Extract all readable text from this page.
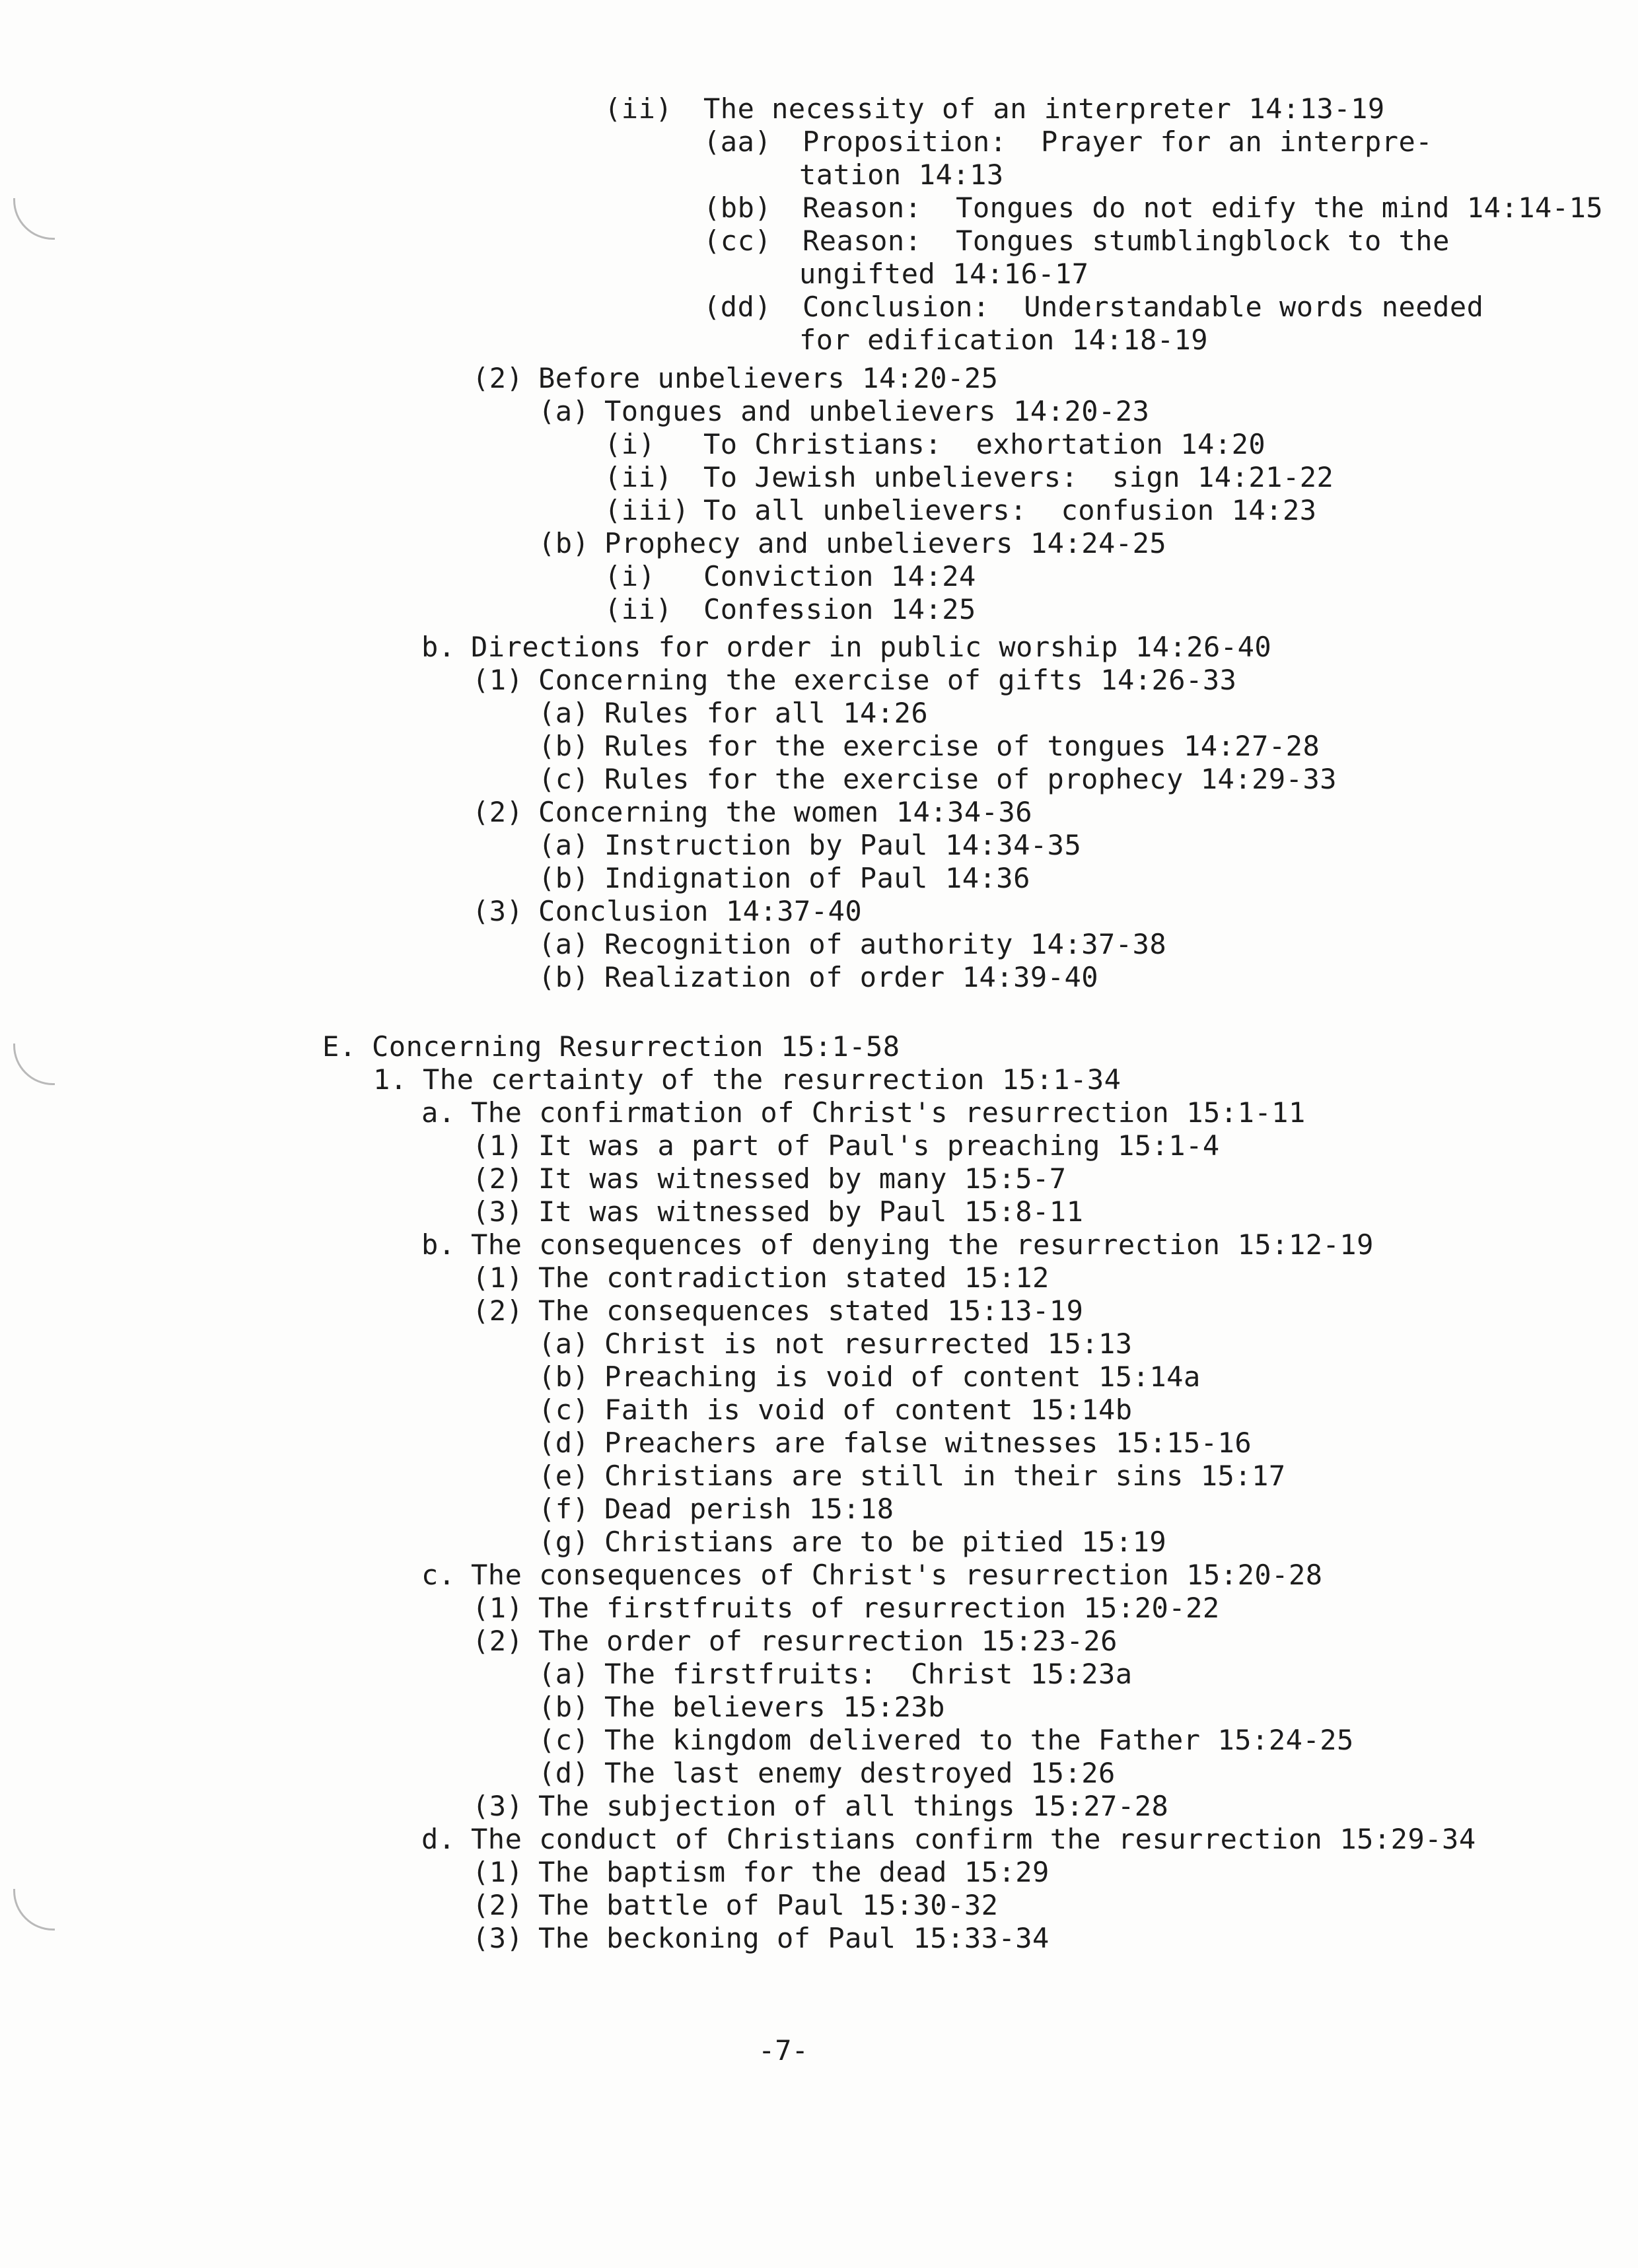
(ii) The necessity of an interpreter 14:13-19
(aa) Proposition:  Prayer for an interpre-
tation 14:13
(bb) Reason:  Tongues do not edify the mind 14:14-15
(cc) Reason:  Tongues stumblingblock to the
ungifted 14:16-17
(dd) Conclusion:  Understandable words needed
for edification 14:18-19
(2) Before unbelievers 14:20-25
(a) Tongues and unbelievers 14:20-23
(i) To Christians:  exhortation 14:20
(ii) To Jewish unbelievers:  sign 14:21-22
(iii) To all unbelievers:  confusion 14:23
(b) Prophecy and unbelievers 14:24-25
(i) Conviction 14:24
(ii) Confession 14:25
b. Directions for order in public worship 14:26-40
(1) Concerning the exercise of gifts 14:26-33
(a) Rules for all 14:26
(b) Rules for the exercise of tongues 14:27-28
(c) Rules for the exercise of prophecy 14:29-33
(2) Concerning the women 14:34-36
(a) Instruction by Paul 14:34-35
(b) Indignation of Paul 14:36
(3) Conclusion 14:37-40
(a) Recognition of authority 14:37-38
(b) Realization of order 14:39-40
E. Concerning Resurrection 15:1-58
1. The certainty of the resurrection 15:1-34
a. The confirmation of Christ's resurrection 15:1-11
(1) It was a part of Paul's preaching 15:1-4
(2) It was witnessed by many 15:5-7
(3) It was witnessed by Paul 15:8-11
b. The consequences of denying the resurrection 15:12-19
(1) The contradiction stated 15:12
(2) The consequences stated 15:13-19
(a) Christ is not resurrected 15:13
(b) Preaching is void of content 15:14a
(c) Faith is void of content 15:14b
(d) Preachers are false witnesses 15:15-16
(e) Christians are still in their sins 15:17
(f) Dead perish 15:18
(g) Christians are to be pitied 15:19
c. The consequences of Christ's resurrection 15:20-28
(1) The firstfruits of resurrection 15:20-22
(2) The order of resurrection 15:23-26
(a) The firstfruits:  Christ 15:23a
(b) The believers 15:23b
(c) The kingdom delivered to the Father 15:24-25
(d) The last enemy destroyed 15:26
(3) The subjection of all things 15:27-28
d. The conduct of Christians confirm the resurrection 15:29-34
(1) The baptism for the dead 15:29
(2) The battle of Paul 15:30-32
(3) The beckoning of Paul 15:33-34
-7-
